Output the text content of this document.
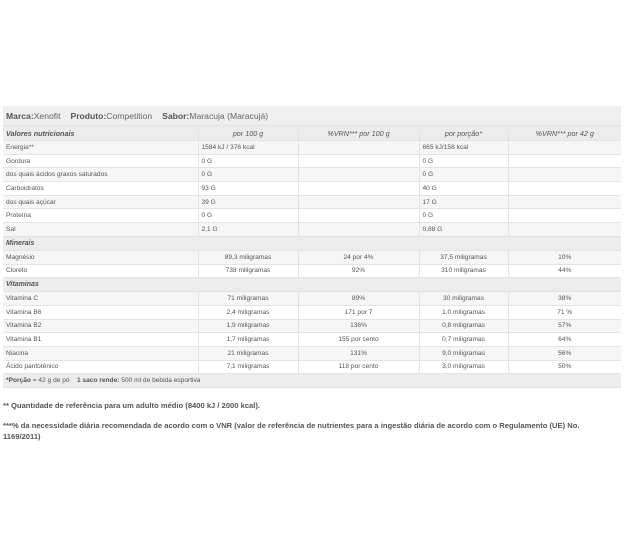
Marca:Xenofit Produto:Competition Sabor:Maracuja (Maracujá)
Valores nutricionais	por 100 g	%VRN*** por 100 g	por porção*	%VRN*** por 42 g
Energia**	1584 kJ / 376 kcal		665 kJ/158 kcal	
Gordura	0 G		0 G	
dos quais ácidos graxos saturados	0 G		0 G	
Carboidratos	93 G		40 G	
dos quais açúcar	39 G		17 G	
Proteína	0 G		0 G	
Sal	2,1 G		0,88 G	
Minerais				
Magnésio	89,3 miligramas	24 por 4%	37,5 miligramas	10%
Cloreto	738 miligramas	92%	310 miligramas	44%
Vitaminas				
Vitamina C	71 miligramas	89%	30 miligramas	38%
Vitamina B6	2,4 miligramas	171 por 7	1,0 miligramas	71 %
Vitamina B2	1,9 miligramas	136%	0,8 miligramas	57%
Vitamina B1	1,7 miligramas	155 por cento	0,7 miligramas	64%
Niacina	21 miligramas	131%	9,0 miligramas	56%
Ácido pantotênico	7,1 miligramas	118 por cento	3,0 miligramas	50%
*Porção = 42 g de pó 1 saco rende: 500 ml de bebida esportiva				

** Quantidade de referência para um adulto médio (8400 kJ / 2000 kcal).

***% da necessidade diária recomendada de acordo com o VNR (valor de referência de nutrientes para a ingestão diária de acordo com o Regulamento (UE) No. 1169/2011)
